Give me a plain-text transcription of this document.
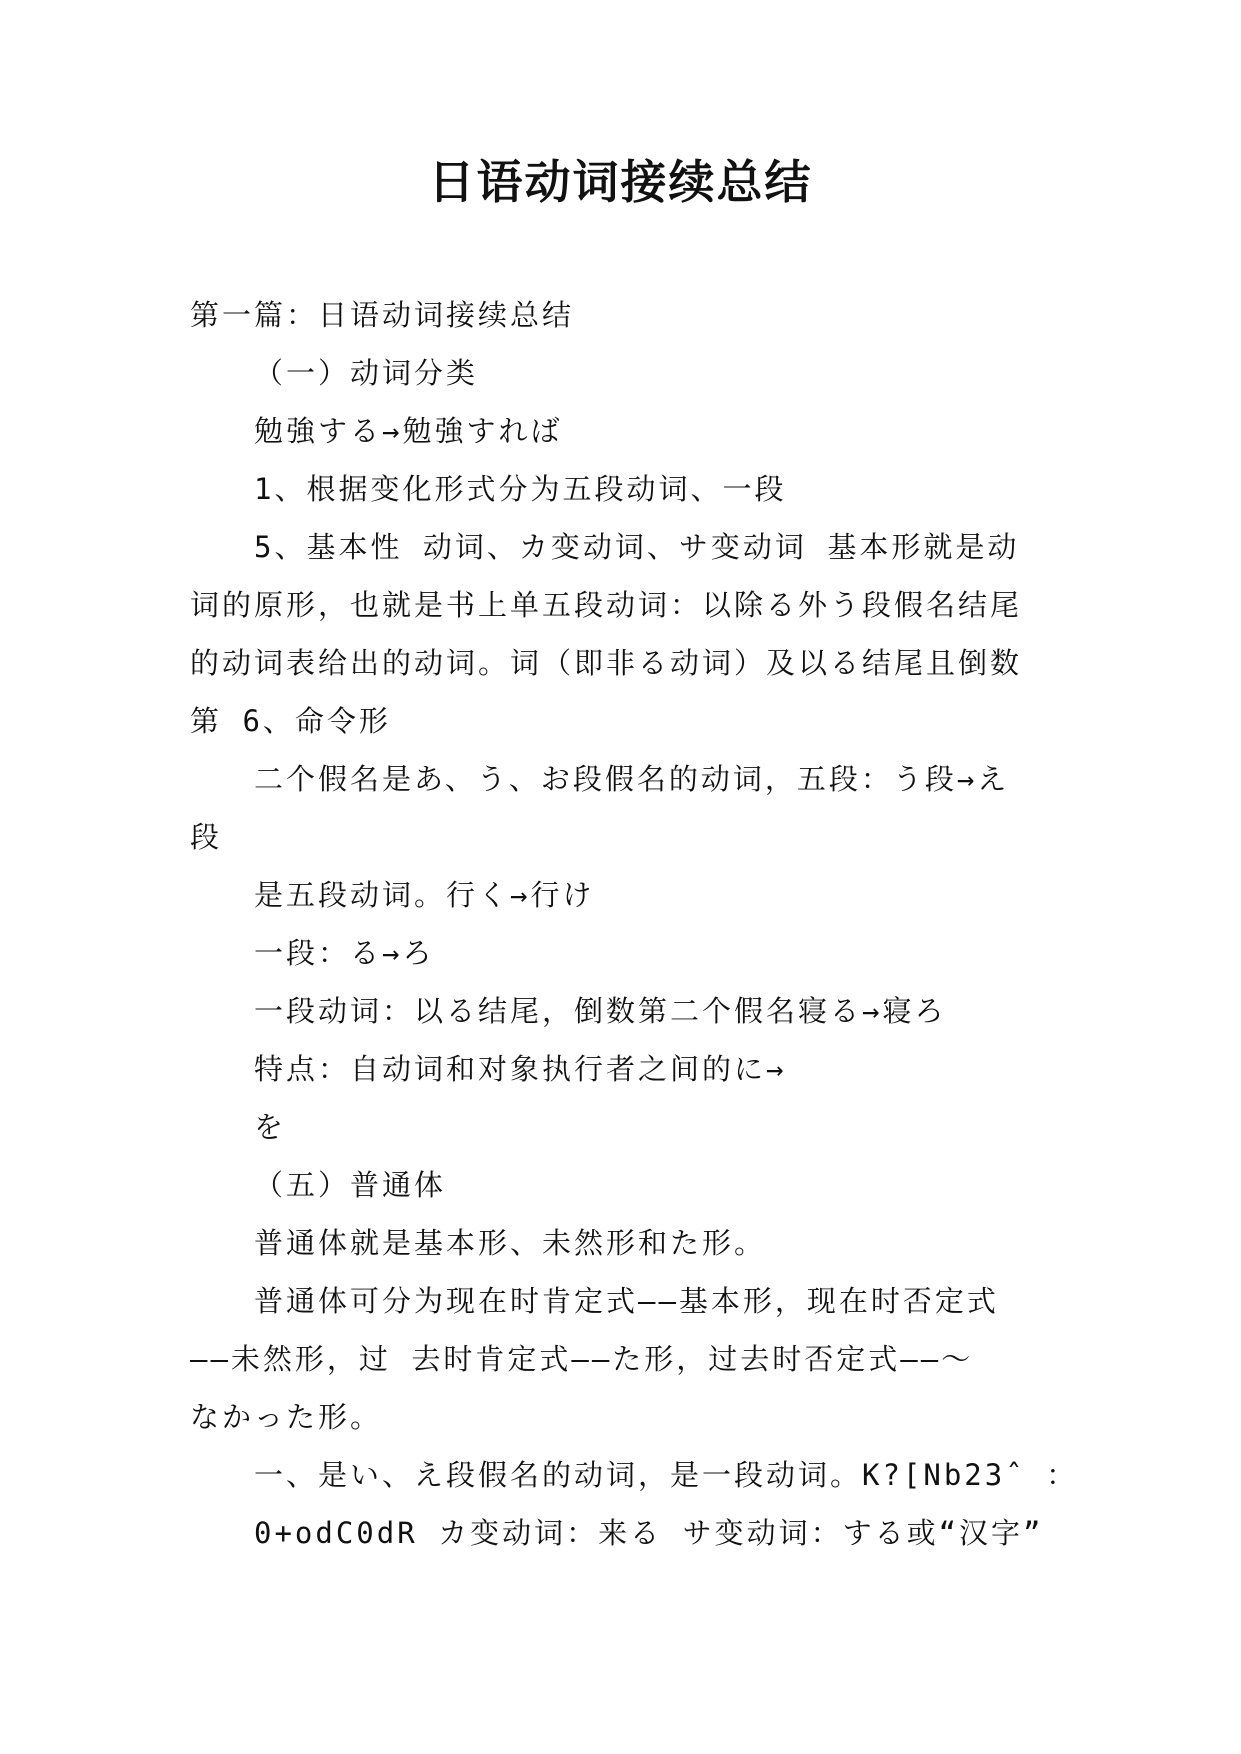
日语动词接续总结
第一篇：日语动词接续总结
（一）动词分类
勉強する→勉強すれば
1、根据变化形式分为五段动词、一段
5、基本性 动词、カ变动词、サ变动词 基本形就是动
词的原形，也就是书上单五段动词：以除る外う段假名结尾
的动词表给出的动词。词（即非る动词）及以る结尾且倒数
第 6、命令形
二个假名是あ、う、お段假名的动词，五段：う段→え
段
是五段动词。行く→行け
一段：る→ろ
一段动词：以る结尾，倒数第二个假名寝る→寝ろ
特点：自动词和对象执行者之间的に→
を
（五）普通体
普通体就是基本形、未然形和た形。
普通体可分为现在时肯定式——基本形，现在时否定式
——未然形，过 去时肯定式——た形，过去时否定式——～
なかった形。
一、是い、え段假名的动词，是一段动词。K?[Nb23ˆ ：
0+odC0dR カ变动词：来る サ变动词：する或“汉字”
